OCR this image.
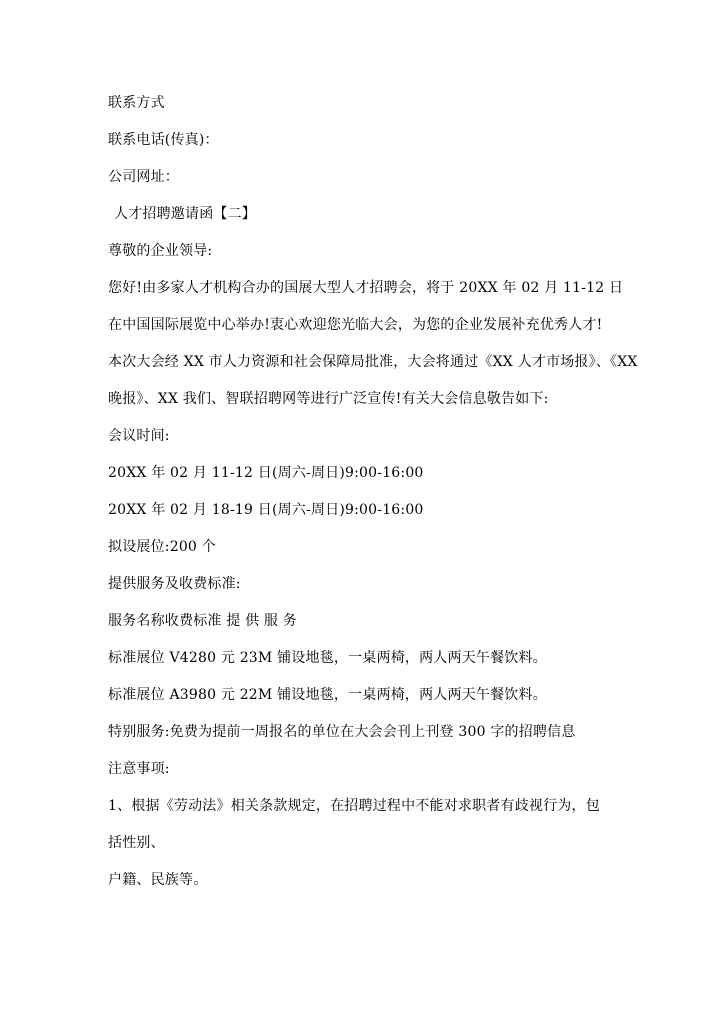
联系方式
联系电话(传真)：
公司网址：
人才招聘邀请函【二】
尊敬的企业领导:
您好!由多家人才机构合办的国展大型人才招聘会，将于 20XX 年 02 月 11-12 日
在中国国际展览中心举办!衷心欢迎您光临大会，为您的企业发展补充优秀人才!
本次大会经 XX 市人力资源和社会保障局批准，大会将通过《XX 人才市场报》、《XX
晚报》、XX 我们、智联招聘网等进行广泛宣传!有关大会信息敬告如下:
会议时间:
20XX 年 02 月 11-12 日(周六-周日)9:00-16:00
20XX 年 02 月 18-19 日(周六-周日)9:00-16:00
拟设展位:200 个
提供服务及收费标准:
服务名称收费标准 提 供 服 务
标准展位 V4280 元 23M 铺设地毯，一桌两椅，两人两天午餐饮料。
标准展位 A3980 元 22M 铺设地毯，一桌两椅，两人两天午餐饮料。
特别服务:免费为提前一周报名的单位在大会会刊上刊登 300 字的招聘信息
注意事项:
1、根据《劳动法》相关条款规定，在招聘过程中不能对求职者有歧视行为，包
括性别、
户籍、民族等。
